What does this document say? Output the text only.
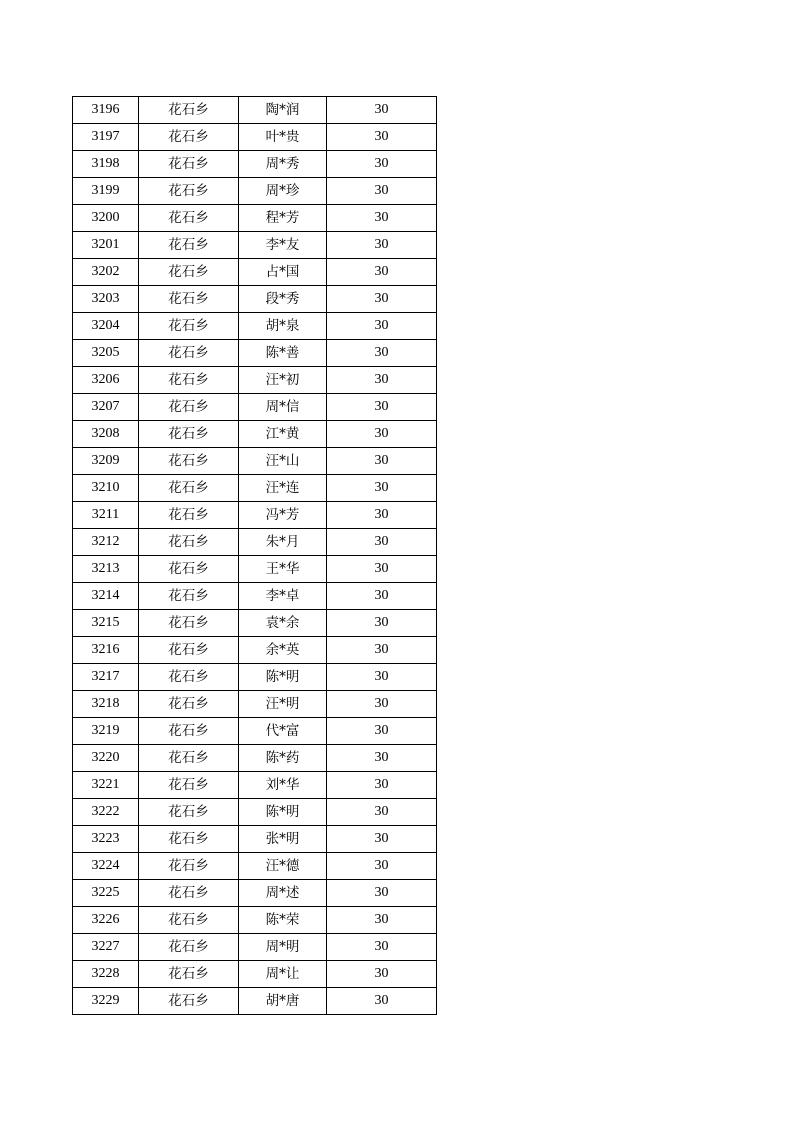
3196	花石乡	陶*润	30
3197	花石乡	叶*贵	30
3198	花石乡	周*秀	30
3199	花石乡	周*珍	30
3200	花石乡	程*芳	30
3201	花石乡	李*友	30
3202	花石乡	占*国	30
3203	花石乡	段*秀	30
3204	花石乡	胡*泉	30
3205	花石乡	陈*善	30
3206	花石乡	汪*初	30
3207	花石乡	周*信	30
3208	花石乡	江*黄	30
3209	花石乡	汪*山	30
3210	花石乡	汪*连	30
3211	花石乡	冯*芳	30
3212	花石乡	朱*月	30
3213	花石乡	王*华	30
3214	花石乡	李*卓	30
3215	花石乡	袁*余	30
3216	花石乡	余*英	30
3217	花石乡	陈*明	30
3218	花石乡	汪*明	30
3219	花石乡	代*富	30
3220	花石乡	陈*药	30
3221	花石乡	刘*华	30
3222	花石乡	陈*明	30
3223	花石乡	张*明	30
3224	花石乡	汪*德	30
3225	花石乡	周*述	30
3226	花石乡	陈*荣	30
3227	花石乡	周*明	30
3228	花石乡	周*让	30
3229	花石乡	胡*唐	30
